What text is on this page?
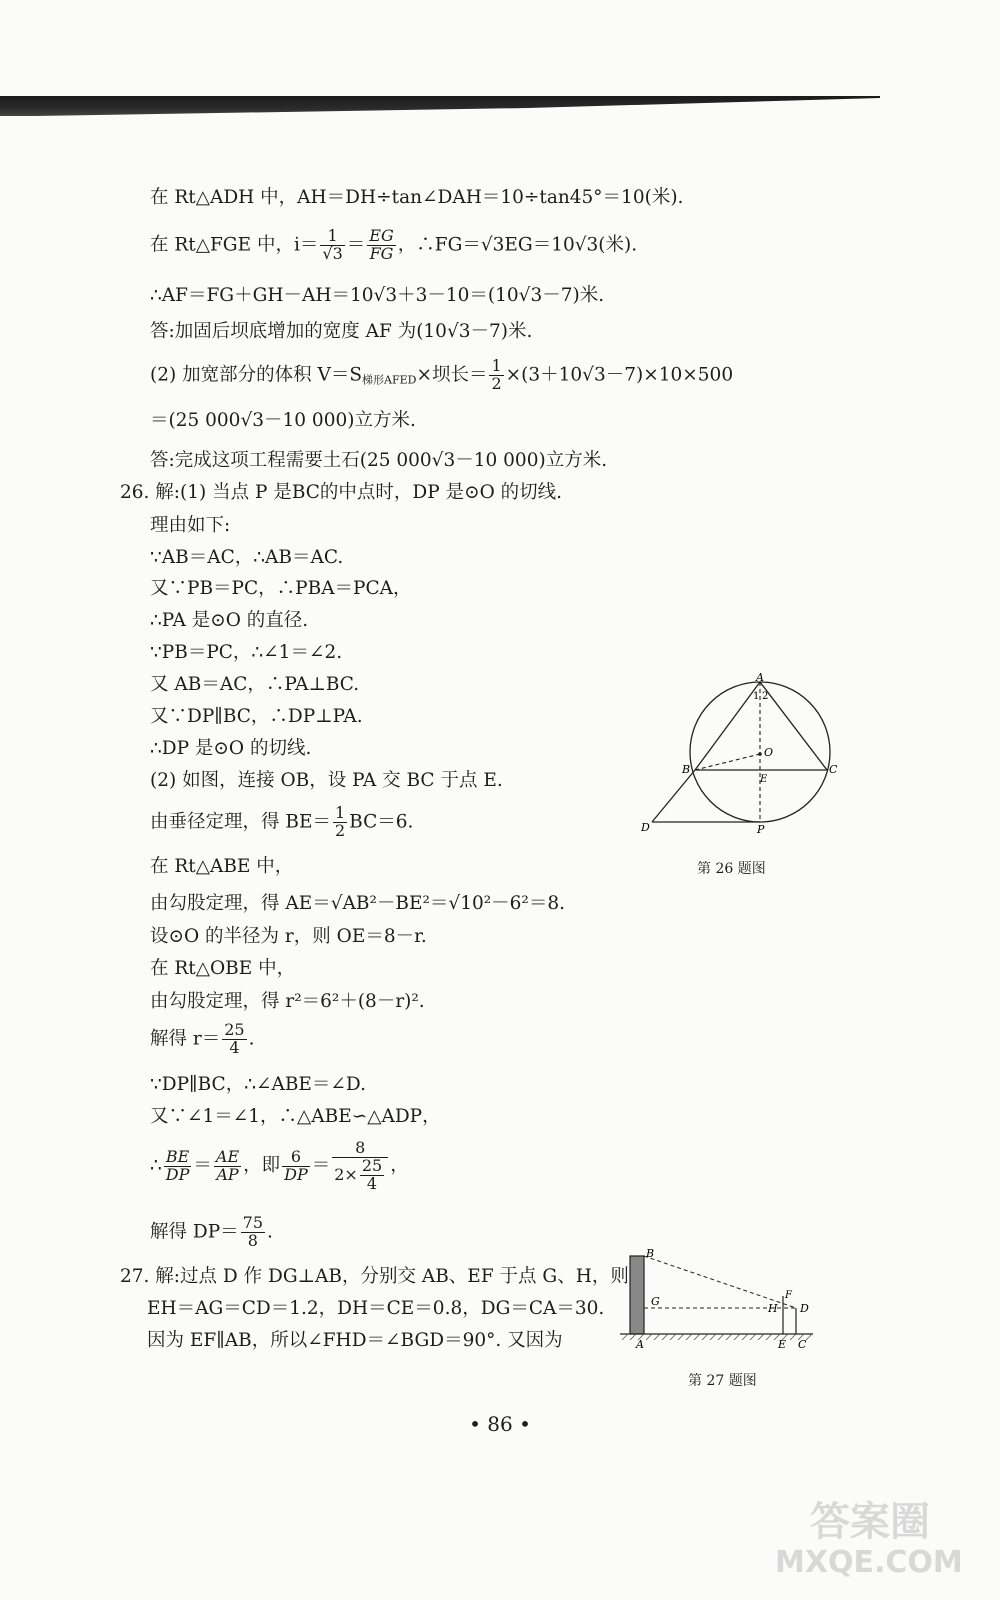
在 Rt△ADH 中，AH＝DH÷tan∠DAH＝10÷tan45°＝10(米).
在 Rt△FGE 中，$i= \frac{1}{√3} = \frac{EG}{FG}$ ，∴FG＝√3EG＝10√3(米).
∴AF＝FG＋GH－AH＝10√3＋3－10＝(10√3－7)米.
答:加固后坝底增加的宽度 AF 为(10√3－7)米.
(2) 加宽部分的体积 $V=S_{梯形AFED}\times$坝长＝ $\frac{1}{2} \times(3+10√3-7)\times 10\times 500$
＝(25 000√3－10 000)立方米.
答:完成这项工程需要土石(25 000√3－10 000)立方米.
26. 解:(1) 当点 P 是BC的中点时，DP 是⊙O 的切线.
理由如下:
∵AB＝AC，∴AB＝AC.
又∵PB＝PC，∴PBA＝PCA，
∴PA 是⊙O 的直径.
∵PB＝PC，∴∠1＝∠2.
又 AB＝AC，∴PA⊥BC.
又∵DP∥BC，∴DP⊥PA.
∴DP 是⊙O 的切线.
(2) 如图，连接 OB，设 PA 交 BC 于点 E.
由垂径定理，得 $BE= \frac{1}{2} BC=6$.
在 Rt△ABE 中，
由勾股定理，得 AE＝√AB²－BE²＝√10²－6²＝8.
设⊙O 的半径为 r，则 OE＝8－r.
在 Rt△OBE 中，
由勾股定理，得 r²＝6²＋(8－r)².
解得 $r= \frac{25}{4}$ .
∵DP∥BC，∴∠ABE＝∠D.
又∵∠1＝∠1，∴△ABE∽△ADP，
∴ $\frac{BE}{DP} = \frac{AE}{AP}$ ，即 $\frac{6}{DP} = \frac{8}{2\times \frac{25}{4}}$ ，
解得 $DP= \frac{75}{8}$ .
27. 解:过点 D 作 DG⊥AB，分别交 AB、EF 于点 G、H，则
EH＝AG＝CD＝1.2，DH＝CE＝0.8，DG＝CA＝30.
因为 EF∥AB，所以∠FHD＝∠BGD＝90°. 又因为
A
1 2
O
B	C
E
D	P
第 26 题图
B
G
A
F
H D
E C
第 27 题图
• 86 •
答案圈
MXQE.COM
